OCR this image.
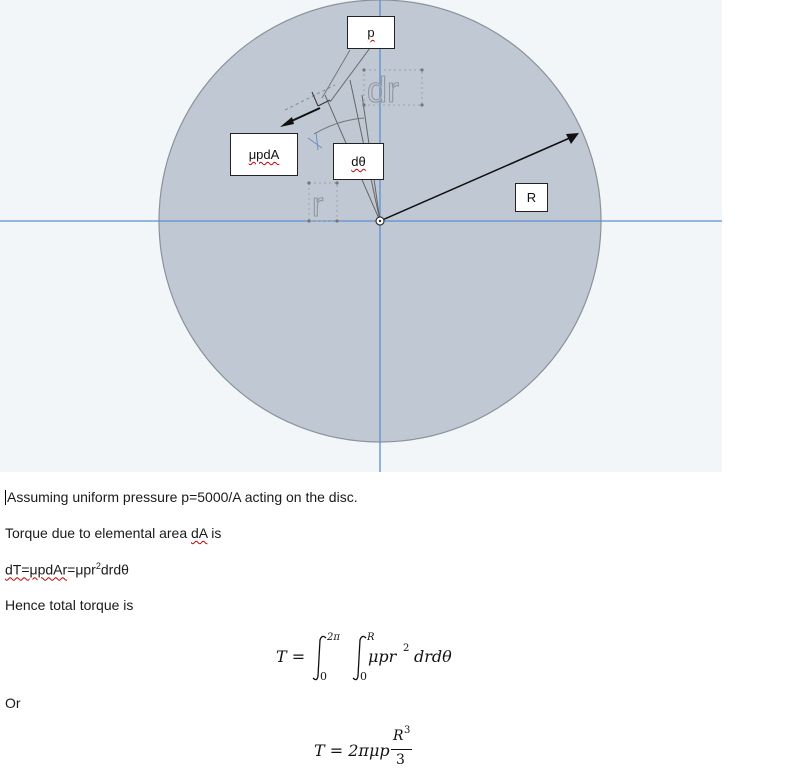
dr
r
p
μpdA	dθ
R
Assuming uniform pressure p=5000/A acting on the disc.
Torque due to elemental area dA is
dT=μpdAr=μpr$^2$drdθ
Hence total torque is
Or
T =
2π
0
R
0
μpr 2 drdθ
T = 2πμp
R 3
3
